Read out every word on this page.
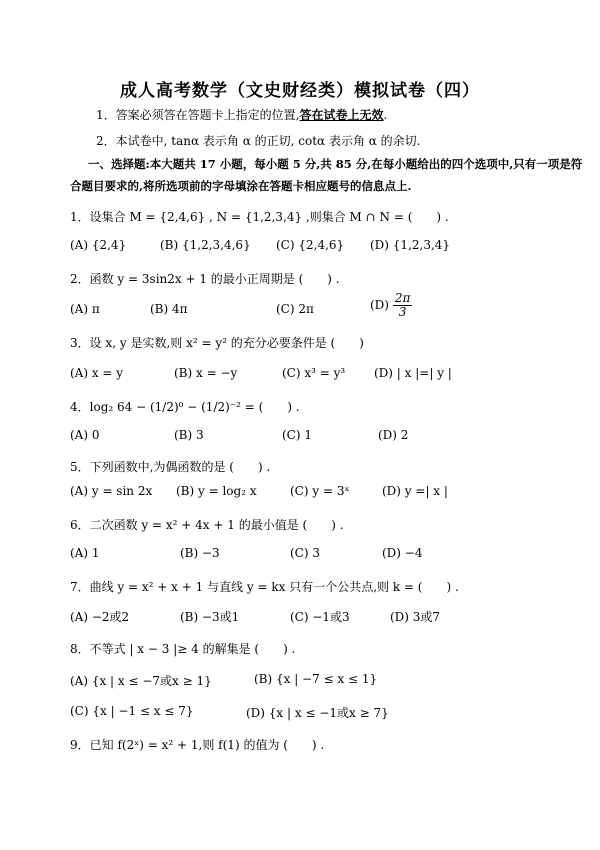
成人高考数学（文史财经类）模拟试卷（四）
1．答案必须答在答题卡上指定的位置,答在试卷上无效.
2．本试卷中, tanα 表示角 α 的正切, cotα 表示角 α 的余切.
一、选择题:本大题共 17 小题，每小题 5 分,共 85 分,在每小题给出的四个选项中,只有一项是符
合题目要求的,将所选项前的字母填涂在答题卡相应题号的信息点上.
1．设集合 M = {2,4,6} , N = {1,2,3,4} ,则集合 M ∩ N = (　　) .
(A) {2,4}	(B) {1,2,3,4,6} (C) {2,4,6} (D) {1,2,3,4}
2．函数 y = 3sin2x + 1 的最小正周期是 (　　) .
(A) π	(B) 4π	(C) 2π	$(D) \frac{2\pi}{3}$
3．设 x, y 是实数,则 x² = y² 的充分必要条件是 (　　)
(A) x = y	(B) x = −y	(C) x³ = y³ (D) | x |=| y |
4．log₂ 64 − (1/2)⁰ − (1/2)⁻² = (　　) .
(A) 0	(B) 3	(C) 1	(D) 2
5．下列函数中,为偶函数的是 (　　) .
(A) y = sin 2x (B) y = log₂ x	(C) y = 3ˣ	(D) y =| x |
6．二次函数 y = x² + 4x + 1 的最小值是 (　　) .
(A) 1	(B) −3	(C) 3	(D) −4
7．曲线 y = x² + x + 1 与直线 y = kx 只有一个公共点,则 k = (　　) .
(A) −2或2	(B) −3或1	(C) −1或3	(D) 3或7
8．不等式 | x − 3 |≥ 4 的解集是 (　　) .
(A) {x | x ≤ −7或x ≥ 1}	(B) {x | −7 ≤ x ≤ 1}
(C) {x | −1 ≤ x ≤ 7}	(D) {x | x ≤ −1或x ≥ 7}
9．已知 f(2ˣ) = x² + 1,则 f(1) 的值为 (　　) .
